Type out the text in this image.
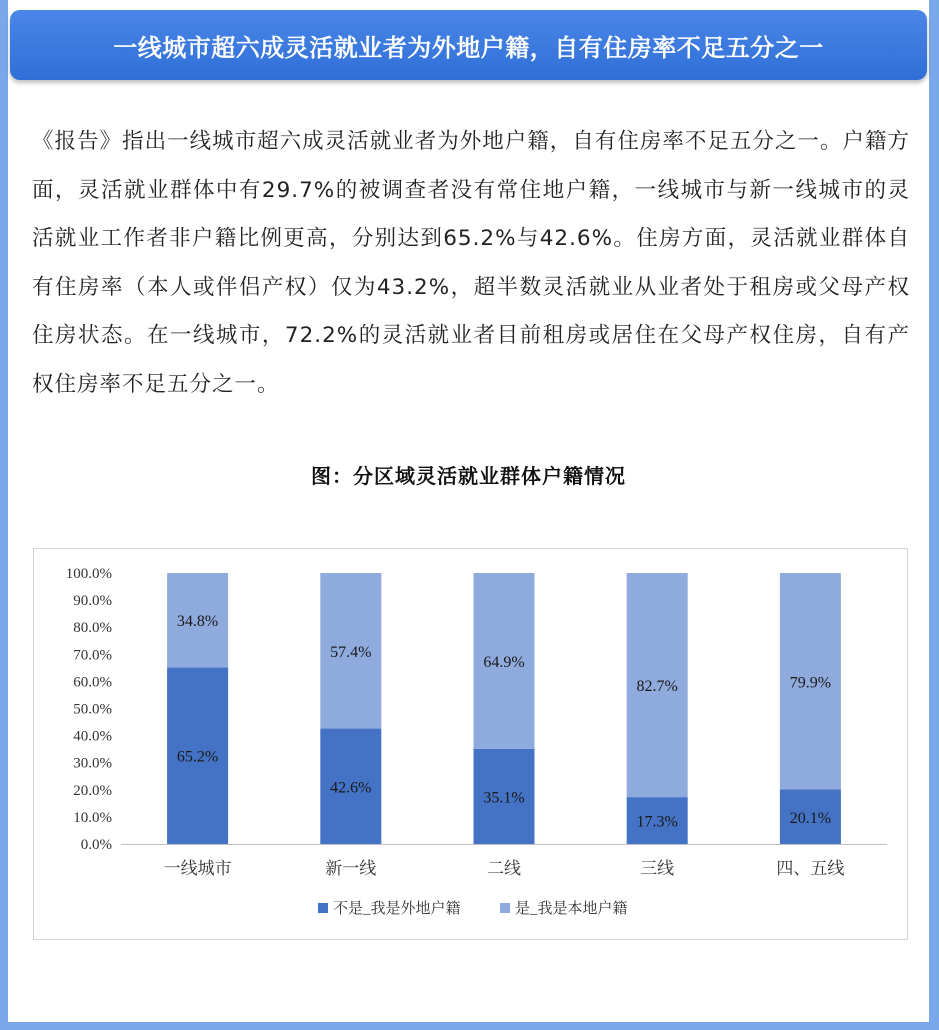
一线城市超六成灵活就业者为外地户籍，自有住房率不足五分之一
《报告》指出一线城市超六成灵活就业者为外地户籍，自有住房率不足五分之一。户籍方面，灵活就业群体中有29.7%的被调查者没有常住地户籍，一线城市与新一线城市的灵活就业工作者非户籍比例更高，分别达到65.2%与42.6%。住房方面，灵活就业群体自有住房率（本人或伴侣产权）仅为43.2%，超半数灵活就业从业者处于租房或父母产权住房状态。在一线城市，72.2%的灵活就业者目前租房或居住在父母产权住房，自有产权住房率不足五分之一。
图：分区域灵活就业群体户籍情况
0.0%
10.0%
20.0%
30.0%
40.0%
50.0%
60.0%
70.0%
80.0%
90.0%
100.0%
65.2%
34.8%
一线城市
42.6%
57.4%
新一线
35.1%
64.9%
二线
17.3%
82.7%
三线
20.1%
79.9%
四、五线
不是_我是外地户籍	是_我是本地户籍
